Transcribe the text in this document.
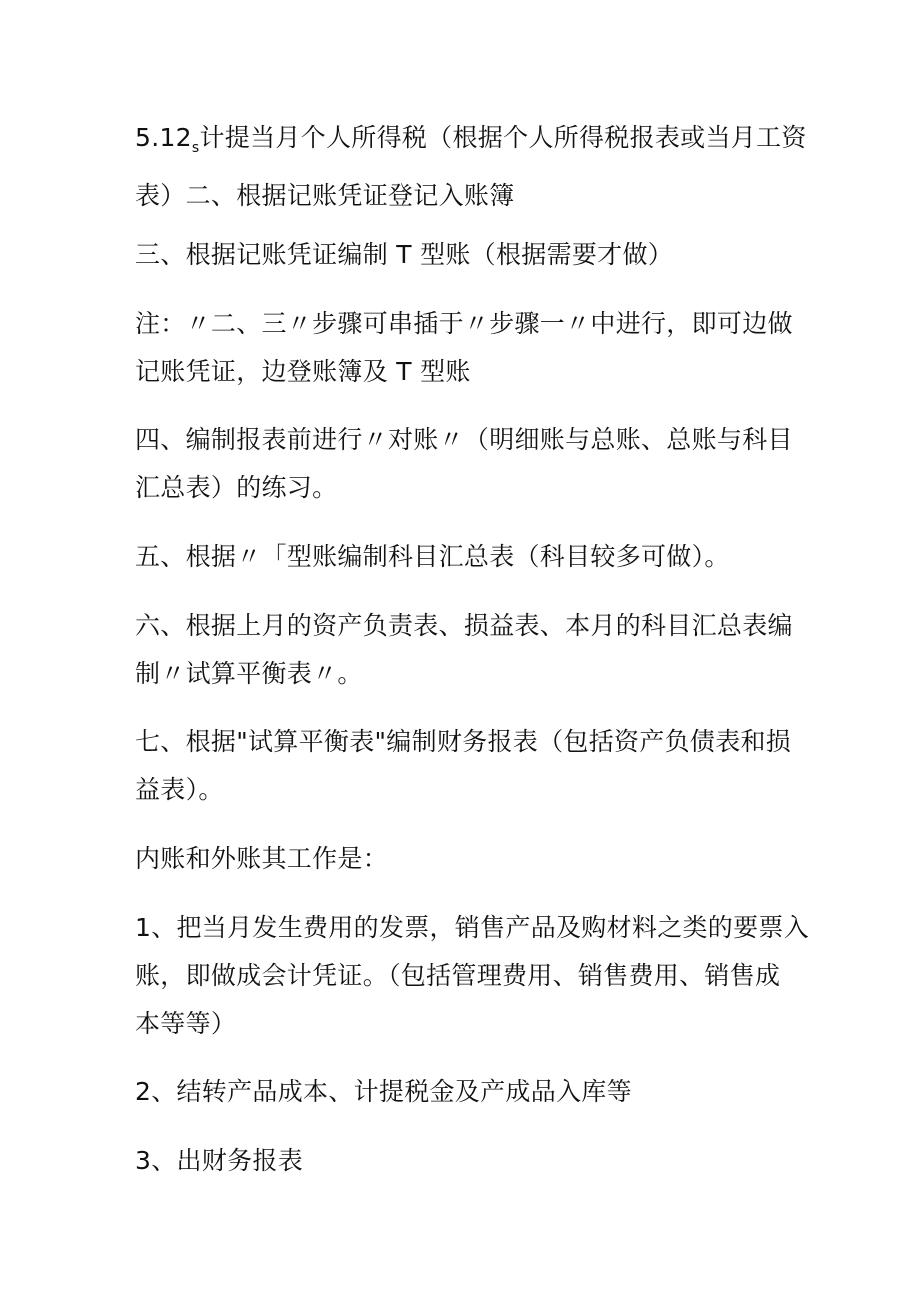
$5.12_s$计提当月个人所得税（根据个人所得税报表或当月工资
表）二、根据记账凭证登记入账簿
三、根据记账凭证编制 T 型账（根据需要才做）
注：〃二、三〃步骤可串插于〃步骤一〃中进行，即可边做
记账凭证，边登账簿及 T 型账
四、编制报表前进行〃对账〃（明细账与总账、总账与科目
汇总表）的练习。
五、根据〃「型账编制科目汇总表（科目较多可做）。
六、根据上月的资产负责表、损益表、本月的科目汇总表编
制〃试算平衡表〃。
七、根据"试算平衡表"编制财务报表（包括资产负债表和损
益表）。
内账和外账其工作是：
1、把当月发生费用的发票，销售产品及购材料之类的要票入
账，即做成会计凭证。（包括管理费用、销售费用、销售成
本等等）
2、结转产品成本、计提税金及产成品入库等
3、出财务报表
